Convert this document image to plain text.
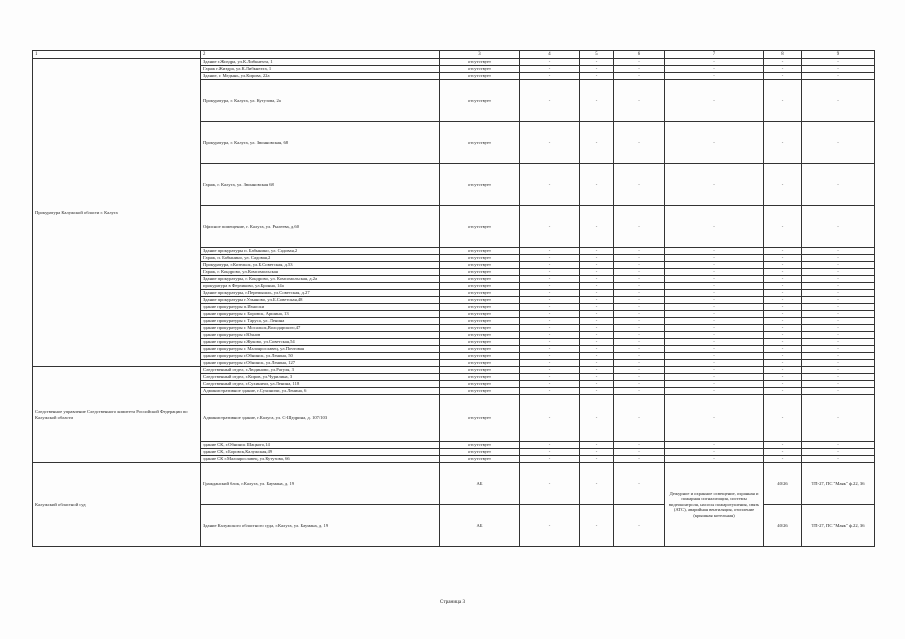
1	2	3	4	5	6	7	8	9
Прокуратура Калужской области г. Калуга	Здание г.Жиздра, ул.К.Либкнехта, 1	отсутствует	-	-	-	-	-	-
	Гараж г.Жиздра, ул.К.Либкнехта, 1	отсутствует	-	-	-	-	-	-
	Здание, г. Медынь, ул.Кирова, 22а	отсутствует	-	-	-	-	-	-
	Прокуратура, г. Калуга, ул. Кутузова, 2а	отсутствует	-	-	-	-	-	-
	Прокуратура, г. Калуга, ул. Звонновская, 68	отсутствует	-	-	-	-	-	-
	Гараж, г. Калуга, ул. Звонновская 68	отсутствует	-	-	-	-	-	-
	Офисное помещение, г. Калуга, ул. Рылеева, д.60	отсутствует	-	-	-	-	-	-
	Здание прокуратуры п. Бабынино, ул. Садовая,2	отсутствует	-	-	-	-	-	-
	Гараж, п. Бабынино, ул. Садовая,2	отсутствует	-	-	-	-	-	-
	Прокуратура, г.Козельск, ул.Б.Советская, д.53	отсутствует	-	-	-	-	-	-
	Гараж, г. Кондрово, ул.Комсомольская	отсутствует	-	-	-	-	-	-
	Здание прокуратуры, г. Кондрово, ул. Комсомольская, д.2а	отсутствует	-	-	-	-	-	-
	прокуратура в Ферзиково, ул.Бронна, 14а	отсутствует	-	-	-	-	-	-
	Здание прокуратуры, г.Перемышль, ул.Советская, д.27	отсутствует	-	-	-	-	-	-
	Здание прокуратуры г.Ульяново, ул.Б.Советская,48	отсутствует	-	-	-	-	-	-
	здание прокуратуры п.Износки	отсутствует	-	-	-	-	-	-
	здание прокуратуры г. Боровск, Аршина, 13	отсутствует	-	-	-	-	-	-
	здание прокуратуры г. Таруса, ул. Ленина	отсутствует	-	-	-	-	-	-
	здание прокуратуры г. Мосальск,Володарского,47	отсутствует	-	-	-	-	-	-
	здание прокуратуры г.Юхнов	отсутствует	-	-	-	-	-	-
	здание прокуратуры г.Жуково, ул.Советская,54	отсутствует	-	-	-	-	-	-
	здание прокуратуры г. Малоярославец, ул.Почтовая	отсутствует	-	-	-	-	-	-
	здание прокуратуры г.Обнинск, ул.Ленина, 50	отсутствует	-	-	-	-	-	-
	здание прокуратуры г.Обнинск, ул.Ленина, 127	отсутствует	-	-	-	-	-	-
Следственное управление Следственного комитета Российской Федерации по Калужской области	Следственный отдел, г.Людиново, ул.Рагуля, 3	отсутствует	-	-	-	-	-	-
	Следственный отдел, г.Киров, ул.Чурилина, 3	отсутствует	-	-	-	-	-	-
	Следственный отдел, г.Сухиничи, ул.Ленина, 118	отсутствует	-	-	-	-	-	-
	Административное здание, г.Сухиничи, ул.Ленина, 6	отсутствует	-	-	-	-	-	-
	Административное здание, г.Калуга, ул. С-Щедрина, д. 107/103	отсутствует	-	-	-	-	-	-
	здание СК, г.Обнинск Шацкого,14	отсутствует	-	-	-	-	-	-
	здание СК, г.Боровск,Калужская,49	отсутствует	-	-	-	-	-	-
	здание СК г.Малоярославец, ул.Кутузова, 66	отсутствует	-	-	-	-	-	-
Калужский областной суд	Гражданский блок, г.Калуга, ул. Баумана, д. 19	АБ	-	-	-	Дежурное и охранное освещение, охранная и пожарная сигнализация, системы видеоконтроля, насосы пожаротушения, связь (АТС), аварийная вентиляция, отопление (крышная котельная)	40/26	ТП-27, ПС "Маяк" ф.22, 36
	Здание Калужского областного суда, г.Калуга, ул. Баумана, д. 19	АБ	-	-	-		40/26	ТП-27, ПС "Маяк" ф.22, 36
Страница 3
